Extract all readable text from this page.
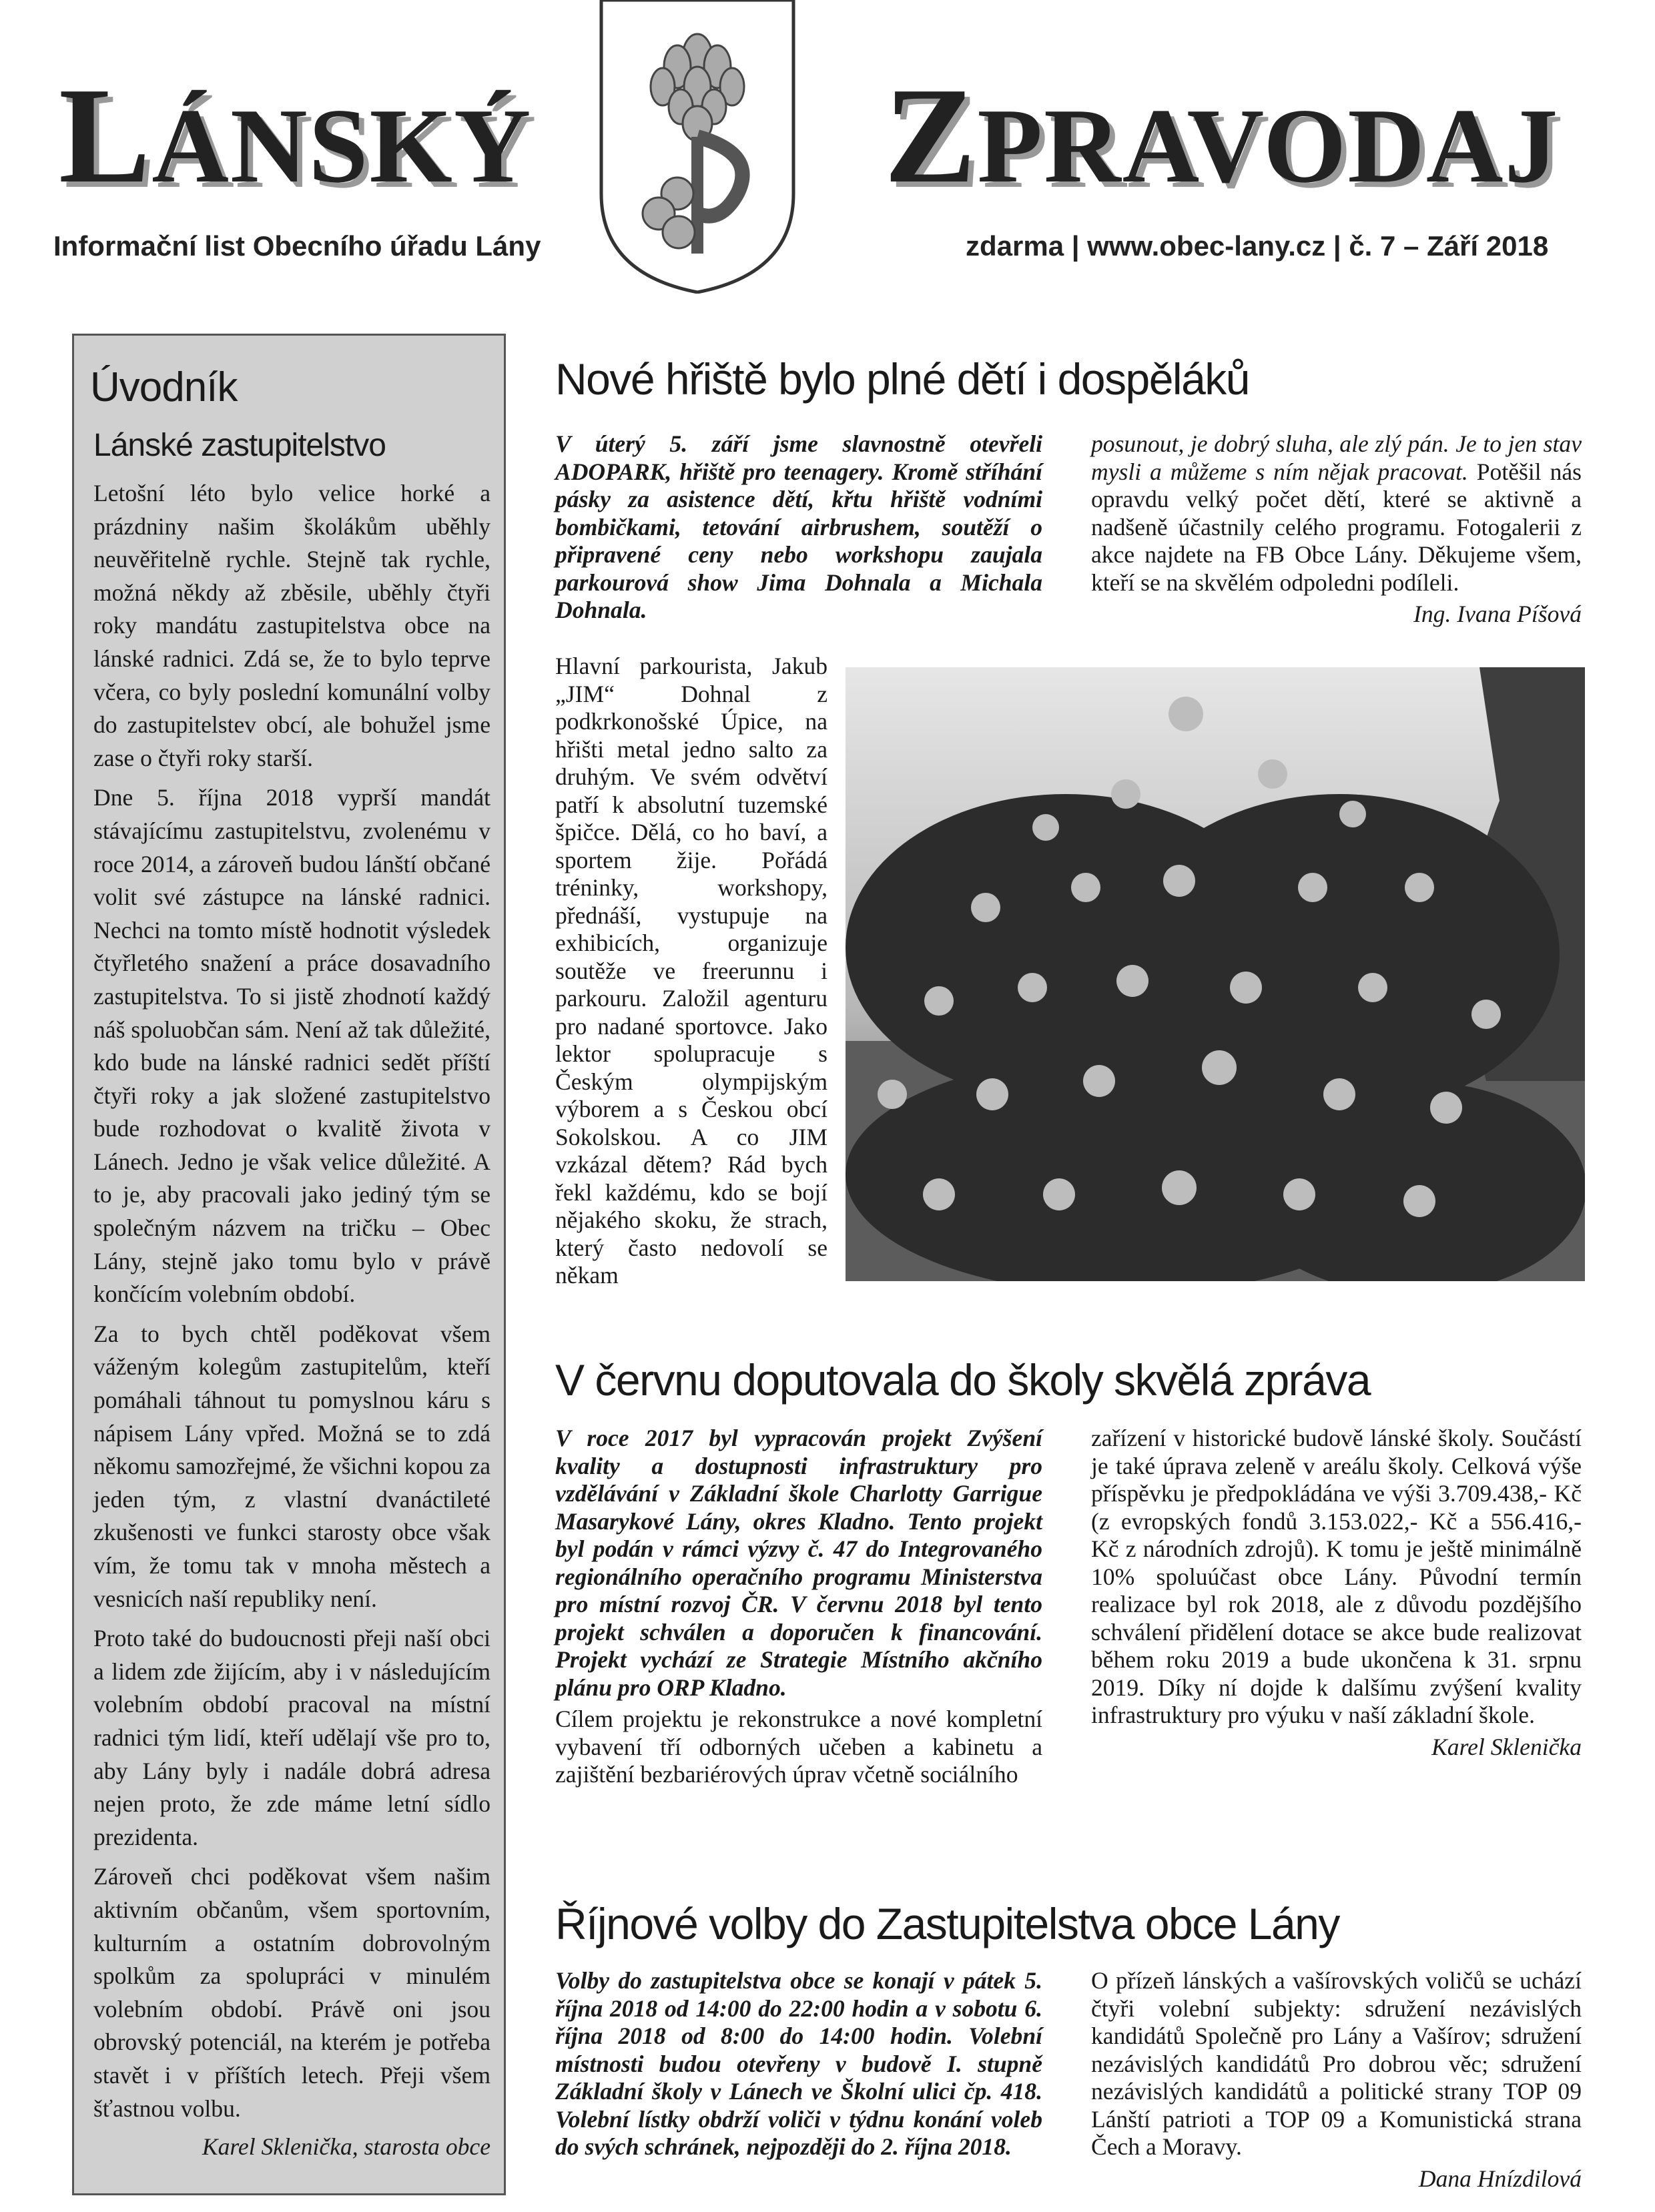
LÁNSKÝ	ZPRAVODAJ
Informační list Obecního úřadu Lány	zdarma | www.obec-lany.cz | č. 7 – Září 2018
Úvodník
Lánské zastupitelstvo

Letošní léto bylo velice horké a prázdniny našim školákům uběhly neuvěřitelně rychle. Stejně tak rychle, možná někdy až zběsile, uběhly čtyři roky mandátu zastupitelstva obce na lánské radnici. Zdá se, že to bylo teprve včera, co byly poslední komunální volby do zastupitelstev obcí, ale bohužel jsme zase o čtyři roky starší.

Dne 5. října 2018 vyprší mandát stávajícímu zastupitelstvu, zvolenému v roce 2014, a zároveň budou lánští občané volit své zástupce na lánské radnici. Nechci na tomto místě hodnotit výsledek čtyřletého snažení a práce dosavadního zastupitelstva. To si jistě zhodnotí každý náš spoluobčan sám. Není až tak důležité, kdo bude na lánské radnici sedět příští čtyři roky a jak složené zastupitelstvo bude rozhodovat o kvalitě života v Lánech. Jedno je však velice důležité. A to je, aby pracovali jako jediný tým se společným názvem na tričku – Obec Lány, stejně jako tomu bylo v právě končícím volebním období.

Za to bych chtěl poděkovat všem váženým kolegům zastupitelům, kteří pomáhali táhnout tu pomyslnou káru s nápisem Lány vpřed. Možná se to zdá někomu samozřejmé, že všichni kopou za jeden tým, z vlastní dvanáctileté zkušenosti ve funkci starosty obce však vím, že tomu tak v mnoha městech a vesnicích naší republiky není.

Proto také do budoucnosti přeji naší obci a lidem zde žijícím, aby i v následujícím volebním období pracoval na místní radnici tým lidí, kteří udělají vše pro to, aby Lány byly i nadále dobrá adresa nejen proto, že zde máme letní sídlo prezidenta.

Zároveň chci poděkovat všem našim aktivním občanům, všem sportovním, kulturním a ostatním dobrovolným spolkům za spolupráci v minulém volebním období. Právě oni jsou obrovský potenciál, na kterém je potřeba stavět i v příštích letech. Přeji všem šťastnou volbu.

Karel Sklenička, starosta obce
Nové hřiště bylo plné dětí i dospěláků

V úterý 5. září jsme slavnostně otevřeli ADOPARK, hřiště pro teenagery. Kromě stříhání pásky za asistence dětí, křtu hřiště vodními bombičkami, tetování airbrushem, soutěží o připravené ceny nebo workshopu zaujala parkourová show Jima Dohnala a Michala Dohnala.

Hlavní parkourista, Jakub „JIM“ Dohnal z podkrkonošské Úpice, na hřišti metal jedno salto za druhým. Ve svém odvětví patří k absolutní tuzemské špičce. Dělá, co ho baví, a sportem žije. Pořádá tréninky, workshopy, přednáší, vystupuje na exhibicích, organizuje soutěže ve freerunnu i parkouru. Založil agenturu pro nadané sportovce. Jako lektor spolupracuje s Českým olympijským výborem a s Českou obcí Sokolskou. A co JIM vzkázal dětem? Rád bych řekl každému, kdo se bojí nějakého skoku, že strach, který často nedovolí se někam

posunout, je dobrý sluha, ale zlý pán. Je to jen stav mysli a můžeme s ním nějak pracovat. Potěšil nás opravdu velký počet dětí, které se aktivně a nadšeně účastnily celého programu. Fotogalerii z akce najdete na FB Obce Lány. Děkujeme všem, kteří se na skvělém odpoledni podíleli.

Ing. Ivana Píšová
V červnu doputovala do školy skvělá zpráva

V roce 2017 byl vypracován projekt Zvýšení kvality a dostupnosti infrastruktury pro vzdělávání v Základní škole Charlotty Garrigue Masarykové Lány, okres Kladno. Tento projekt byl podán v rámci výzvy č. 47 do Integrovaného regionálního operačního programu Ministerstva pro místní rozvoj ČR. V červnu 2018 byl tento projekt schválen a doporučen k financování. Projekt vychází ze Strategie Místního akčního plánu pro ORP Kladno.

Cílem projektu je rekonstrukce a nové kompletní vybavení tří odborných učeben a kabinetu a zajištění bezbariérových úprav včetně sociálního

zařízení v historické budově lánské školy. Součástí je také úprava zeleně v areálu školy. Celková výše příspěvku je předpokládána ve výši 3.709.438,- Kč (z evropských fondů 3.153.022,- Kč a 556.416,- Kč z národních zdrojů). K tomu je ještě minimálně 10% spoluúčast obce Lány. Původní termín realizace byl rok 2018, ale z důvodu pozdějšího schválení přidělení dotace se akce bude realizovat během roku 2019 a bude ukončena k 31. srpnu 2019. Díky ní dojde k dalšímu zvýšení kvality infrastruktury pro výuku v naší základní škole.

Karel Sklenička
Říjnové volby do Zastupitelstva obce Lány

Volby do zastupitelstva obce se konají v pátek 5. října 2018 od 14:00 do 22:00 hodin a v sobotu 6. října 2018 od 8:00 do 14:00 hodin. Volební místnosti budou otevřeny v budově I. stupně Základní školy v Lánech ve Školní ulici čp. 418. Volební lístky obdrží voliči v týdnu konání voleb do svých schránek, nejpozději do 2. října 2018.

O přízeň lánských a vašírovských voličů se uchází čtyři volební subjekty: sdružení nezávislých kandidátů Společně pro Lány a Vašírov; sdružení nezávislých kandidátů Pro dobrou věc; sdružení nezávislých kandidátů a politické strany TOP 09 Lánští patrioti a TOP 09 a Komunistická strana Čech a Moravy.

Dana Hnízdilová
